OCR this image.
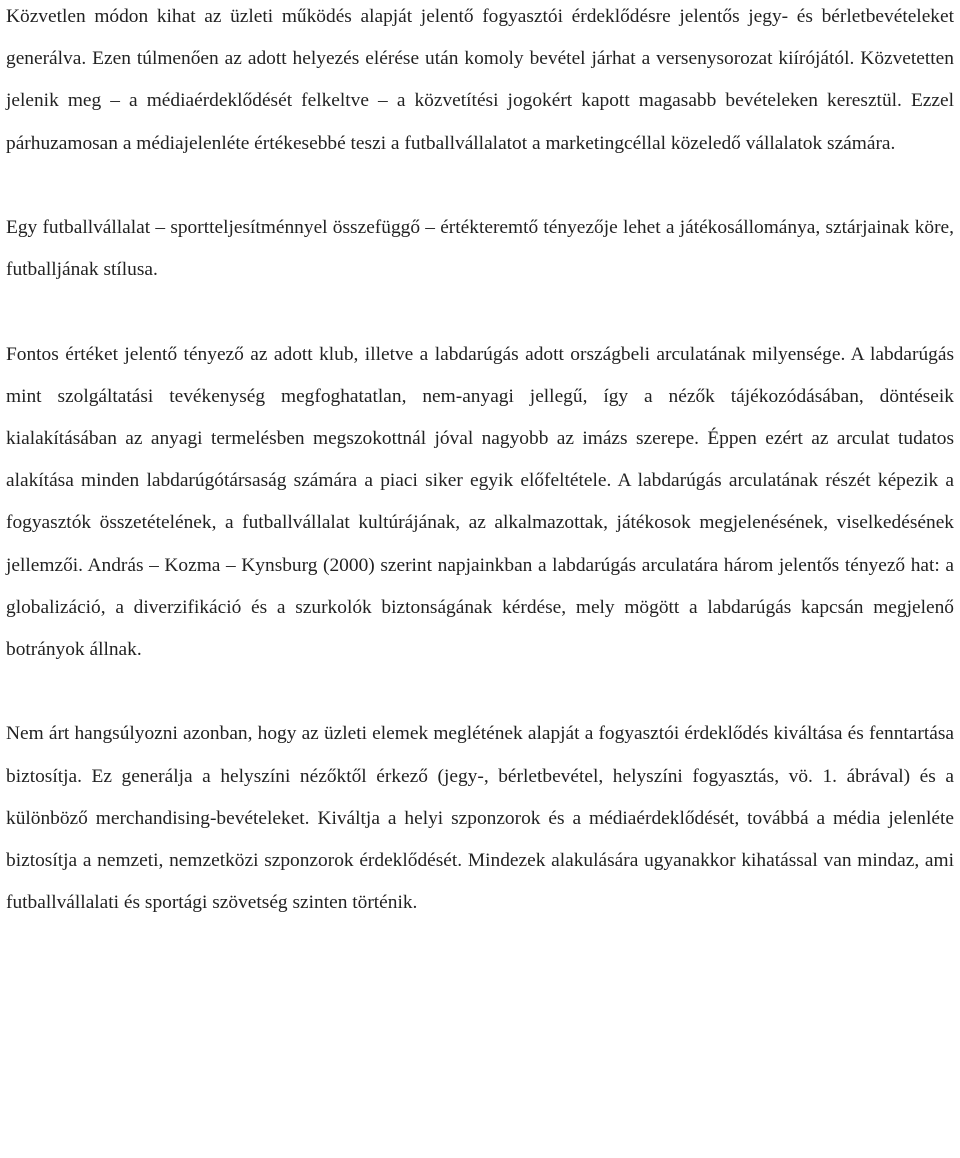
Közvetlen módon kihat az üzleti működés alapját jelentő fogyasztói érdeklődésre jelentős jegy- és bérletbevételeket generálva. Ezen túlmenően az adott helyezés elérése után komoly bevétel járhat a versenysorozat kiírójától. Közvetetten jelenik meg – a médiaérdeklődését felkeltve – a közvetítési jogokért kapott magasabb bevételeken keresztül. Ezzel párhuzamosan a médiajelenléte értékesebbé teszi a futballvállalatot a marketingcéllal közeledő vállalatok számára.

Egy futballvállalat – sportteljesítménnyel összefüggő – értékteremtő tényezője lehet a játékosállománya, sztárjainak köre, futballjának stílusa.

Fontos értéket jelentő tényező az adott klub, illetve a labdarúgás adott országbeli arculatának milyensége. A labdarúgás mint szolgáltatási tevékenység megfoghatatlan, nem-anyagi jellegű, így a nézők tájékozódásában, döntéseik kialakításában az anyagi termelésben megszokottnál jóval nagyobb az imázs szerepe. Éppen ezért az arculat tudatos alakítása minden labdarúgótársaság számára a piaci siker egyik előfeltétele. A labdarúgás arculatának részét képezik a fogyasztók összetételének, a futballvállalat kultúrájának, az alkalmazottak, játékosok megjelenésének, viselkedésének jellemzői. András – Kozma – Kynsburg (2000) szerint napjainkban a labdarúgás arculatára három jelentős tényező hat: a globalizáció, a diverzifikáció és a szurkolók biztonságának kérdése, mely mögött a labdarúgás kapcsán megjelenő botrányok állnak.

Nem árt hangsúlyozni azonban, hogy az üzleti elemek meglétének alapját a fogyasztói érdeklődés kiváltása és fenntartása biztosítja. Ez generálja a helyszíni nézőktől érkező (jegy-, bérletbevétel, helyszíni fogyasztás, vö. 1. ábrával) és a különböző merchandising-bevételeket. Kiváltja a helyi szponzorok és a médiaérdeklődését, továbbá a média jelenléte biztosítja a nemzeti, nemzetközi szponzorok érdeklődését. Mindezek alakulására ugyanakkor kihatással van mindaz, ami futballvállalati és sportági szövetség szinten történik.
